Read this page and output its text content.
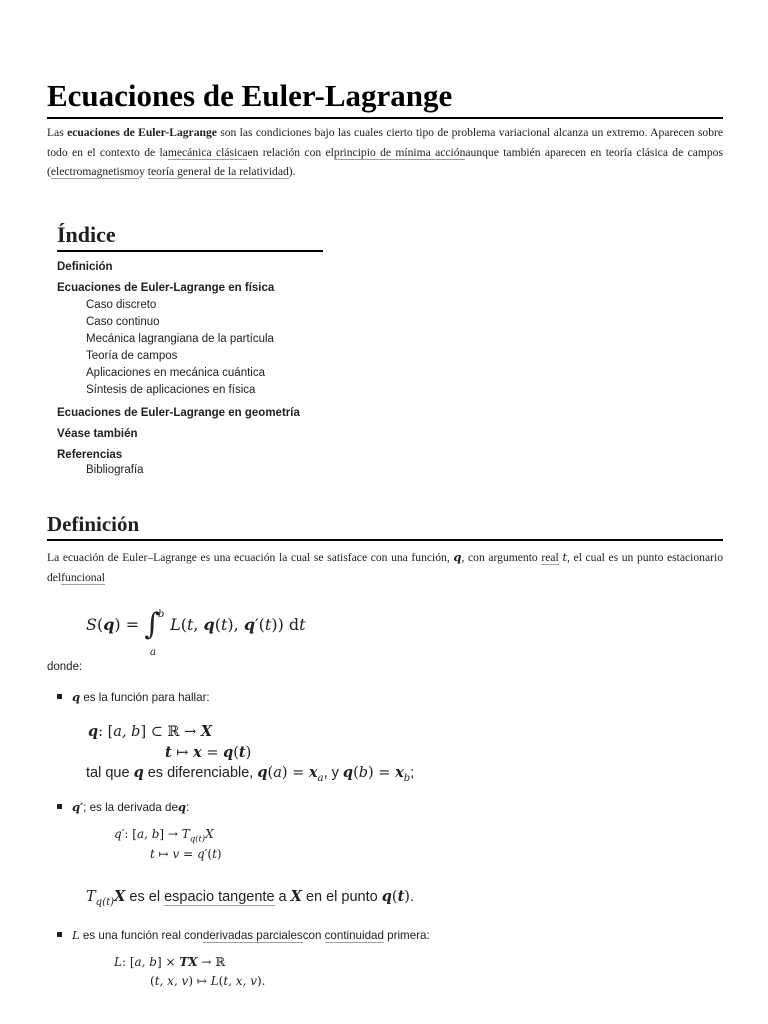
Ecuaciones de Euler-Lagrange

Las ecuaciones de Euler-Lagrange son las condiciones bajo las cuales cierto tipo de problema variacional alcanza un extremo. Aparecen sobre todo en el contexto de lamecánica clásicaen relación con elprincipio de mínima acciónaunque también aparecen en teoría clásica de campos (electromagnetismoy teoría general de la relatividad).

Índice
Definición
Ecuaciones de Euler-Lagrange en física
Caso discreto
Caso continuo
Mecánica lagrangiana de la partícula
Teoría de campos
Aplicaciones en mecánica cuántica
Síntesis de aplicaciones en física
Ecuaciones de Euler-Lagrange en geometría
Véase también
Referencias
Bibliografía
Definición

La ecuación de Euler–Lagrange es una ecuación la cual se satisface con una función, q, con argumento real t, el cual es un punto estacionario delfuncional

S(q) = ∫
b
a
L(t, q(t), q′(t)) dt
donde:
q es la función para hallar:
q: [a, b] ⊂ ℝ → X
t ↦ x = q(t)
tal que q es diferenciable, $q(a) = x_a$, y $q(b) = x_b$;
q′; es la derivada deq:
q′: [a, $b] \to T_{q(t)}X$
t ↦ v = q′(t)
$T_{q(t)}X$ es el espacio tangente a X en el punto q(t).
L es una función real conderivadas parcialescon continuidad primera:
L: [a, b] × TX → ℝ
(t, x, v) ↦ L(t, x, v).
